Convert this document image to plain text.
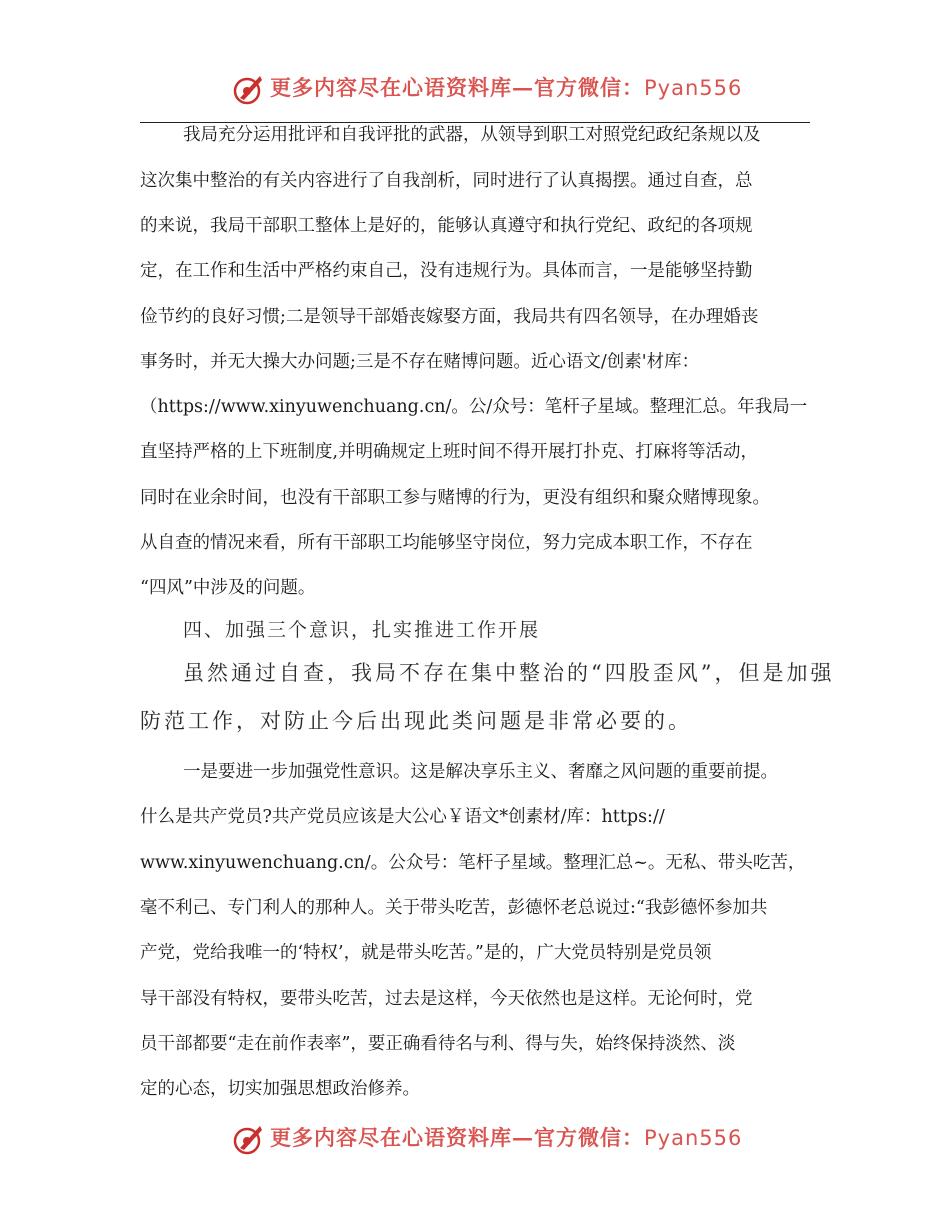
更多内容尽在心语资料库—官方微信：Pyan556
我局充分运用批评和自我评批的武器，从领导到职工对照党纪政纪条规以及
这次集中整治的有关内容进行了自我剖析，同时进行了认真揭摆。通过自查，总
的来说，我局干部职工整体上是好的，能够认真遵守和执行党纪、政纪的各项规
定，在工作和生活中严格约束自己，没有违规行为。具体而言，一是能够坚持勤
俭节约的良好习惯;二是领导干部婚丧嫁娶方面，我局共有四名领导，在办理婚丧
事务时，并无大操大办问题;三是不存在赌博问题。近心语文/创素'材库：
（https://www.xinyuwenchuang.cn/。公/众号：笔杆子星域。整理汇总。年我局一
直坚持严格的上下班制度,并明确规定上班时间不得开展打扑克、打麻将等活动，
同时在业余时间，也没有干部职工参与赌博的行为，更没有组织和聚众赌博现象。
从自查的情况来看，所有干部职工均能够坚守岗位，努力完成本职工作，不存在
“四风”中涉及的问题。
四、加强三个意识，扎实推进工作开展
虽然通过自查，我局不存在集中整治的“四股歪风”，但是加强
防范工作，对防止今后出现此类问题是非常必要的。
一是要进一步加强党性意识。这是解决享乐主义、奢靡之风问题的重要前提。
什么是共产党员?共产党员应该是大公心￥语文*创素材/库：https://
www.xinyuwenchuang.cn/。公众号：笔杆子星域。整理汇总~。无私、带头吃苦，
毫不利己、专门利人的那种人。关于带头吃苦，彭德怀老总说过:“我彭德怀参加共
产党，党给我唯一的‘特权’，就是带头吃苦。”是的，广大党员特别是党员领
导干部没有特权，要带头吃苦，过去是这样，今天依然也是这样。无论何时，党
员干部都要“走在前作表率”，要正确看待名与利、得与失，始终保持淡然、淡
定的心态，切实加强思想政治修养。
更多内容尽在心语资料库—官方微信：Pyan556
